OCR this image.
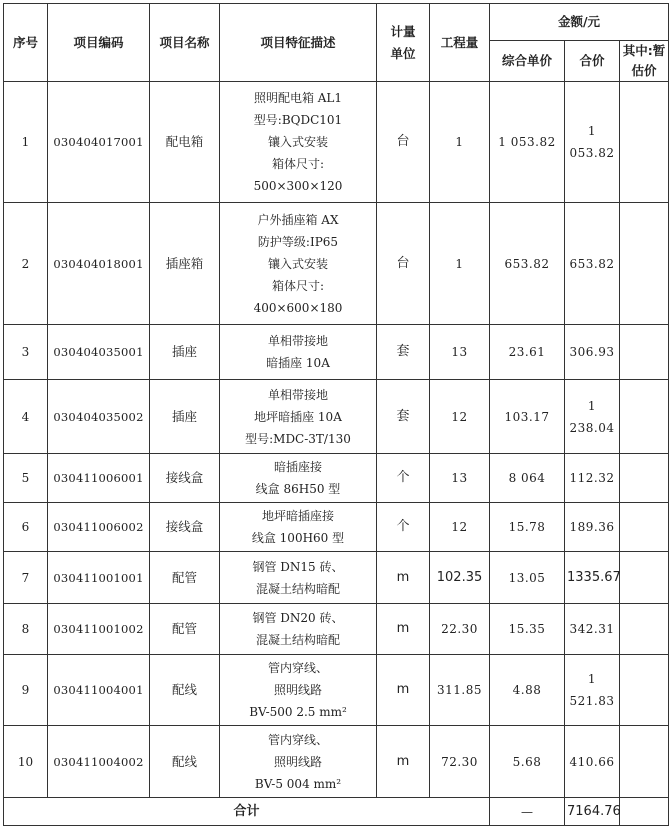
序号	项目编码	项目名称	项目特征描述	计量单位	工程量	金额/元		
						综合单价	合价	其中:暂估价

1	030404017001	配电箱	照明配电箱 AL1
型号:BQDC101
镶入式安装
箱体尺寸:
500×300×120	台	1	1 053.82	1 053.82	
2	030404018001	插座箱	户外插座箱 AX
防护等级:IP65
镶入式安装
箱体尺寸:
400×600×180	台	1	653.82	653.82	
3	030404035001	插座	单相带接地
暗插座 10A	套	13	23.61	306.93	
4	030404035002	插座	单相带接地
地坪暗插座 10A
型号:MDC-3T/130	套	12	103.17	1 238.04	
5	030411006001	接线盒	暗插座接
线盒 86H50 型	个	13	8 064	112.32	
6	030411006002	接线盒	地坪暗插座接
线盒 100H60 型	个	12	15.78	189.36	
7	030411001001	配管	钢管 DN15 砖、
混凝土结构暗配	m	102.35	13.05	1335.67	
8	030411001002	配管	钢管 DN20 砖、
混凝土结构暗配	m	22.30	15.35	342.31	
9	030411004001	配线	管内穿线、
照明线路
BV-500 2.5 mm²	m	311.85	4.88	1 521.83	
10	030411004002	配线	管内穿线、
照明线路
BV-5 004 mm²	m	72.30	5.68	410.66	
合计						—	7164.76	
